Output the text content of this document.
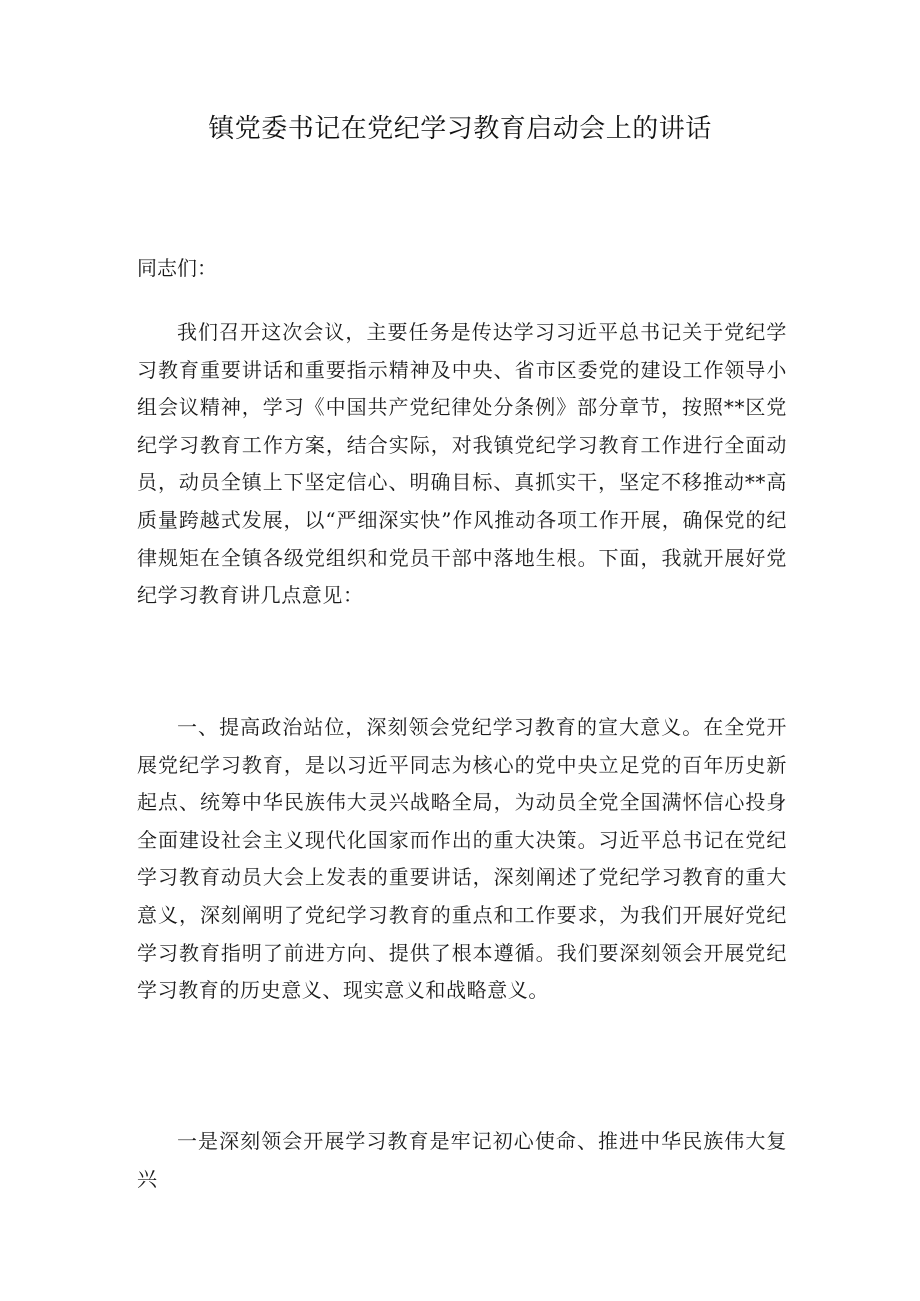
镇党委书记在党纪学习教育启动会上的讲话
同志们：
我们召开这次会议，主要任务是传达学习习近平总书记关于党纪学习教育重要讲话和重要指示精神及中央、省市区委党的建设工作领导小组会议精神，学习《中国共产党纪律处分条例》部分章节，按照**区党纪学习教育工作方案，结合实际，对我镇党纪学习教育工作进行全面动员，动员全镇上下坚定信心、明确目标、真抓实干，坚定不移推动**高质量跨越式发展，以“严细深实快”作风推动各项工作开展，确保党的纪律规矩在全镇各级党组织和党员干部中落地生根。下面，我就开展好党纪学习教育讲几点意见：
一、提高政治站位，深刻领会党纪学习教育的宣大意义。在全党开展党纪学习教育，是以习近平同志为核心的党中央立足党的百年历史新起点、统筹中华民族伟大灵兴战略全局，为动员全党全国满怀信心投身全面建设社会主义现代化国家而作出的重大决策。习近平总书记在党纪学习教育动员大会上发表的重要讲话，深刻阐述了党纪学习教育的重大意义，深刻阐明了党纪学习教育的重点和工作要求，为我们开展好党纪学习教育指明了前进方向、提供了根本遵循。我们要深刻领会开展党纪学习教育的历史意义、现实意义和战略意义。
一是深刻领会开展学习教育是牢记初心使命、推进中华民族伟大复兴
